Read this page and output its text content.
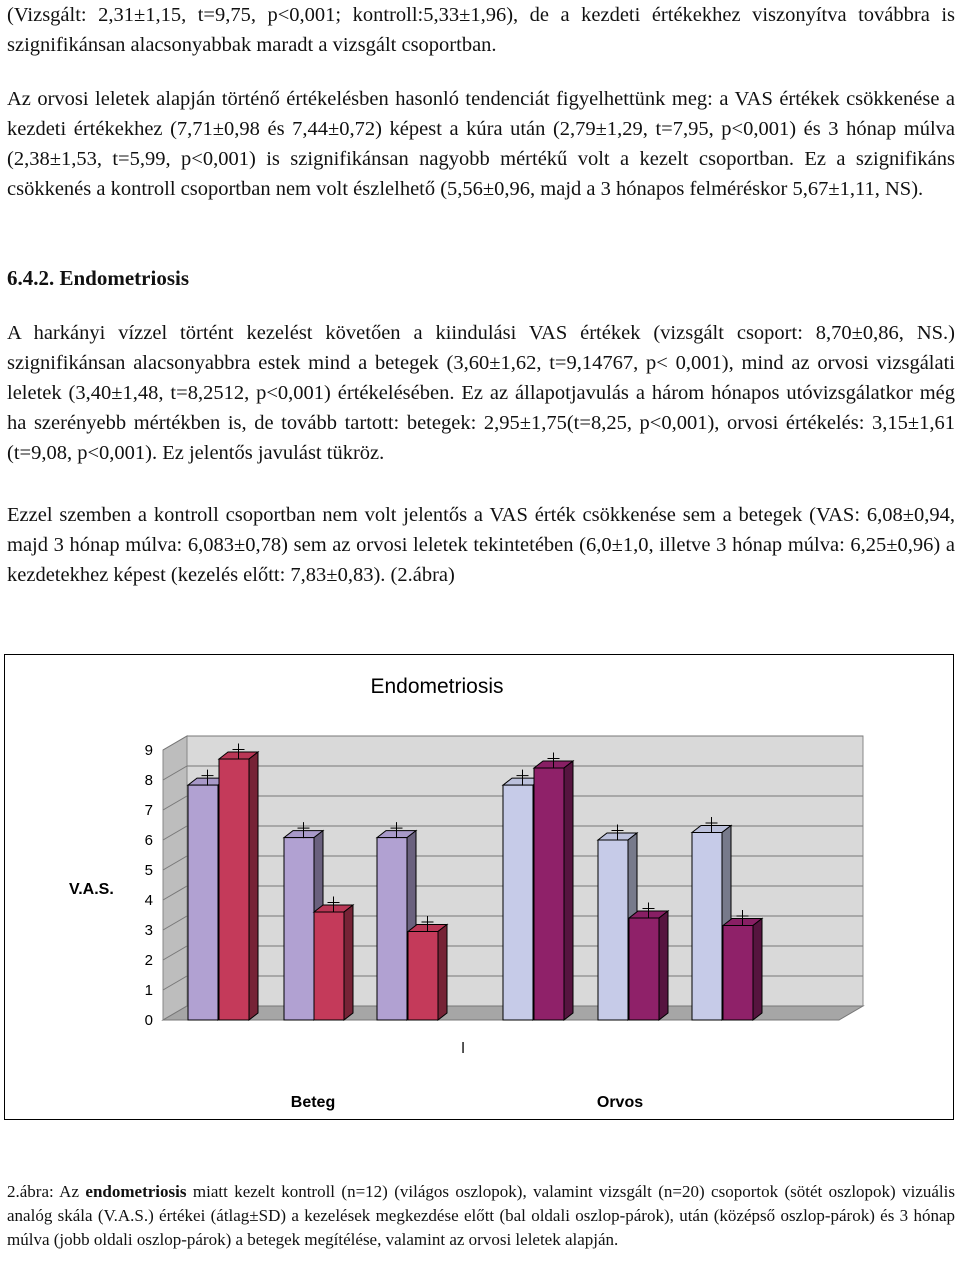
(Vizsgált: 2,31±1,15, t=9,75, p<0,001; kontroll:5,33±1,96), de a kezdeti értékekhez viszonyítva továbbra is szignifikánsan alacsonyabbak maradt a vizsgált csoportban.

Az orvosi leletek alapján történő értékelésben hasonló tendenciát figyelhettünk meg: a VAS értékek csökkenése a kezdeti értékekhez (7,71±0,98 és 7,44±0,72) képest a kúra után (2,79±1,29, t=7,95, p<0,001) és 3 hónap múlva (2,38±1,53, t=5,99, p<0,001) is szignifikánsan nagyobb mértékű volt a kezelt csoportban. Ez a szignifikáns csökkenés a kontroll csoportban nem volt észlelhető (5,56±0,96, majd a 3 hónapos felméréskor 5,67±1,11, NS).

6.4.2. Endometriosis

A harkányi vízzel történt kezelést követően a kiindulási VAS értékek (vizsgált csoport: 8,70±0,86, NS.) szignifikánsan alacsonyabbra estek mind a betegek (3,60±1,62, t=9,14767, p< 0,001), mind az orvosi vizsgálati leletek (3,40±1,48, t=8,2512, p<0,001) értékelésében. Ez az állapotjavulás a három hónapos utóvizsgálatkor még ha szerényebb mértékben is, de tovább tartott: betegek: 2,95±1,75(t=8,25, p<0,001), orvosi értékelés: 3,15±1,61 (t=9,08, p<0,001). Ez jelentős javulást tükröz.

Ezzel szemben a kontroll csoportban nem volt jelentős a VAS érték csökkenése sem a betegek (VAS: 6,08±0,94, majd 3 hónap múlva: 6,083±0,78) sem az orvosi leletek tekintetében (6,0±1,0, illetve 3 hónap múlva: 6,25±0,96) a kezdetekhez képest (kezelés előtt: 7,83±0,83). (2.ábra)

Endometriosis
V.A.S.
0
1
2
3
4
5
6
7
8
9
l
Beteg	Orvos

2.ábra: Az endometriosis miatt kezelt kontroll (n=12) (világos oszlopok), valamint vizsgált (n=20) csoportok (sötét oszlopok) vizuális analóg skála (V.A.S.) értékei (átlag±SD) a kezelések megkezdése előtt (bal oldali oszlop-párok), után (középső oszlop-párok) és 3 hónap múlva (jobb oldali oszlop-párok) a betegek megítélése, valamint az orvosi leletek alapján.
